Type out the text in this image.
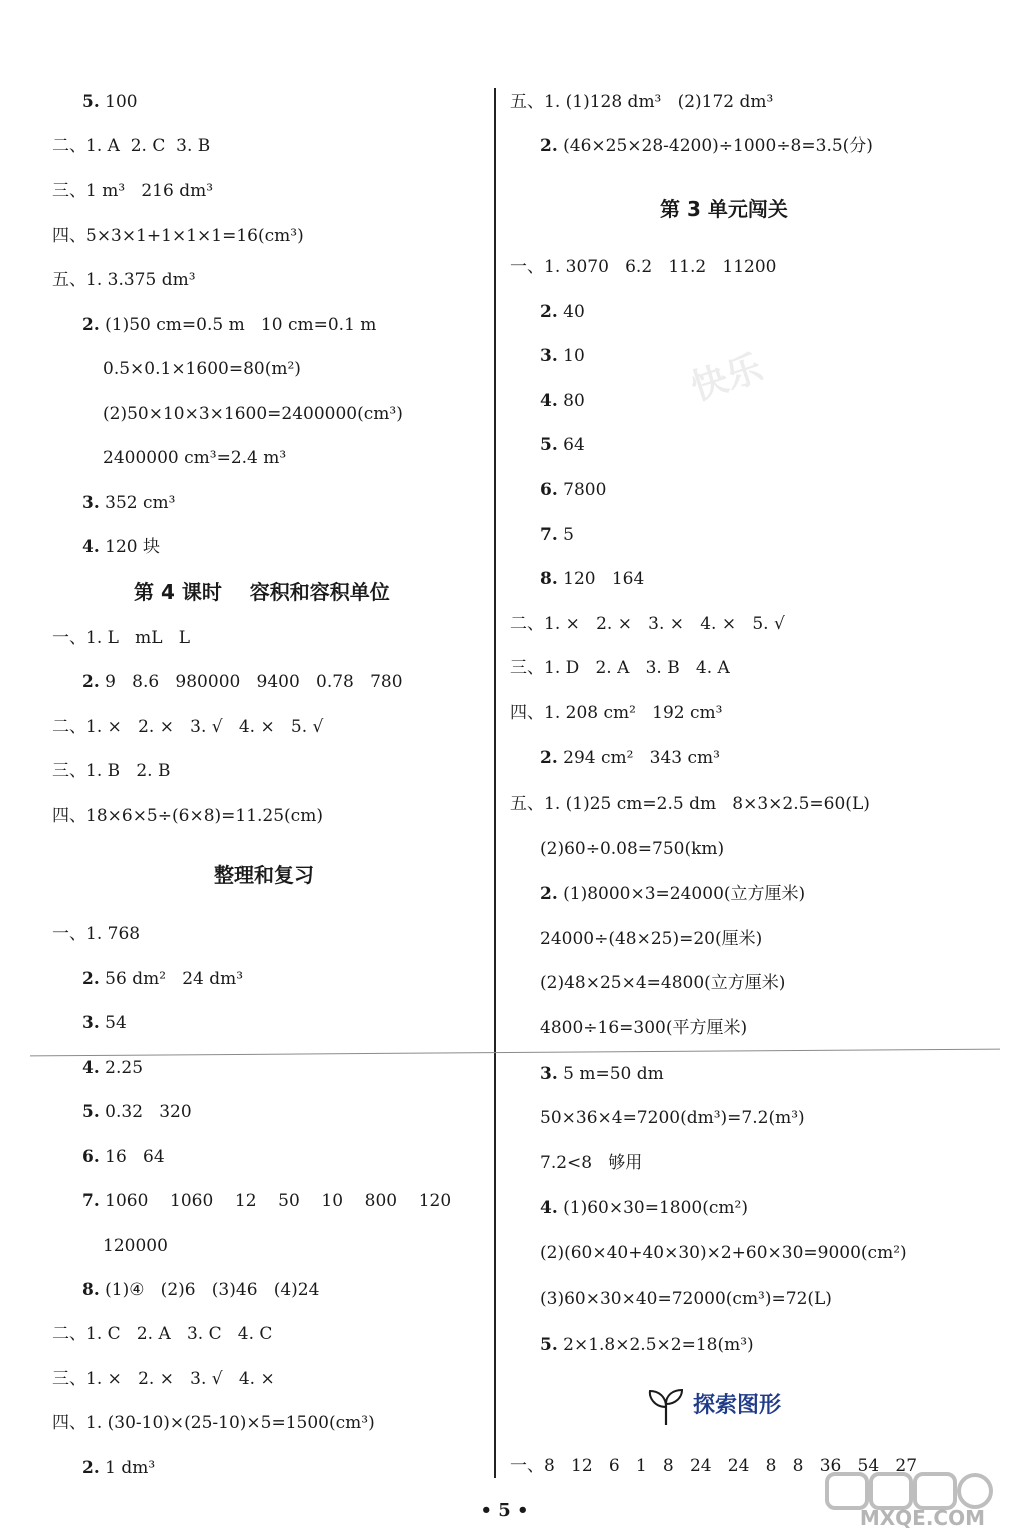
5. 100
二、1. A  2. C  3. B
三、1 m³   216 dm³
四、5×3×1+1×1×1=16(cm³)
五、1. 3.375 dm³
2. (1)50 cm=0.5 m   10 cm=0.1 m
0.5×0.1×1600=80(m²)
(2)50×10×3×1600=2400000(cm³)
2400000 cm³=2.4 m³
3. 352 cm³
4. 120 块
第 4 课时    容积和容积单位
一、1. L   mL   L
2. 9   8.6   980000   9400   0.78   780
二、1. ×   2. ×   3. √   4. ×   5. √
三、1. B   2. B
四、18×6×5÷(6×8)=11.25(cm)
整理和复习
一、1. 768
2. 56 dm²   24 dm³
3. 54
4. 2.25
5. 0.32   320
6. 16   64
7. 1060    1060    12    50    10    800    120
120000
8. (1)④   (2)6   (3)46   (4)24
二、1. C   2. A   3. C   4. C
三、1. ×   2. ×   3. √   4. ×
四、1. (30-10)×(25-10)×5=1500(cm³)
2. 1 dm³
五、1. (1)128 dm³   (2)172 dm³
2. (46×25×28-4200)÷1000÷8=3.5(分)
第 3 单元闯关
一、1. 3070   6.2   11.2   11200
2. 40
3. 10
4. 80
5. 64
6. 7800
7. 5
8. 120   164
二、1. ×   2. ×   3. ×   4. ×   5. √
三、1. D   2. A   3. B   4. A
四、1. 208 cm²   192 cm³
2. 294 cm²   343 cm³
五、1. (1)25 cm=2.5 dm   8×3×2.5=60(L)
(2)60÷0.08=750(km)
2. (1)8000×3=24000(立方厘米)
24000÷(48×25)=20(厘米)
(2)48×25×4=4800(立方厘米)
4800÷16=300(平方厘米)
3. 5 m=50 dm
50×36×4=7200(dm³)=7.2(m³)
7.2<8   够用
4. (1)60×30=1800(cm²)
(2)(60×40+40×30)×2+60×30=9000(cm²)
(3)60×30×40=72000(cm³)=72(L)
5. 2×1.8×2.5×2=18(m³)
探索图形
一、8   12   6   1   8   24   24   8   8   36   54   27
快乐
MXQE.COM
• 5 •
